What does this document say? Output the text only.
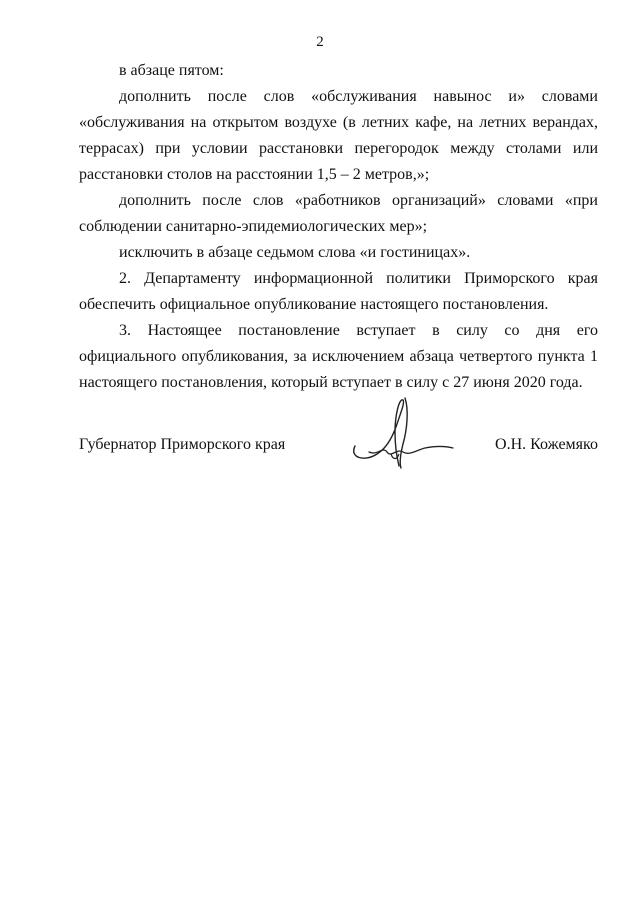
2

в абзаце пятом:

дополнить после слов «обслуживания навынос и» словами «обслуживания на открытом воздухе (в летних кафе, на летних верандах, террасах) при условии расстановки перегородок между столами или расстановки столов на расстоянии 1,5 – 2 метров,»;

дополнить после слов «работников организаций» словами «при соблюдении санитарно-эпидемиологических мер»;

исключить в абзаце седьмом слова «и гостиницах».

2. Департаменту информационной политики Приморского края обеспечить официальное опубликование настоящего постановления.

3. Настоящее постановление вступает в силу со дня его официального опубликования, за исключением абзаца четвертого пункта 1 настоящего постановления, который вступает в силу с 27 июня 2020 года.

Губернатор Приморского края	О.Н. Кожемяко
